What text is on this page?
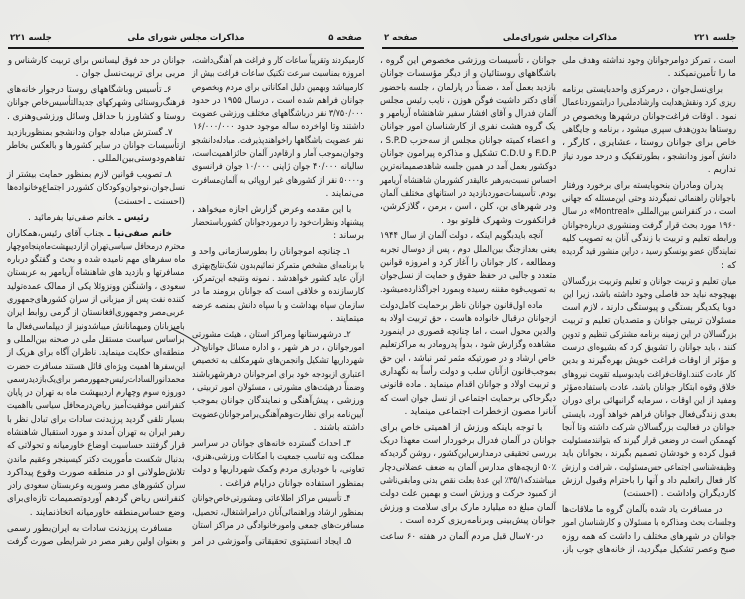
جلسه ۲۲۱	مذاکرات مجلس شورای ملی	صفحه ۵
کارمیکردند وتقریباً ساعات کار و فراغت هم آهنگی‌داشت،
امروزه بمناسبت سرعت تکنیک ساعات فراغت بیش از
کارمیباشد وبهمین دلیل امکاناتی برای مردم وبخصوص
جوانان فراهم شده است ، درسال ۱۹۵۵ در حدود
۳/۷۵۰/۰۰۰ نفر درباشگاههای مختلف ورزشی عضویت
داشتند وتا اواخرده ساله موجود حدود ۱۶/۰۰۰/۰۰۰
نفر عضویت باشگاهها راخواهندپذیرفت. مبادله‌دانشجو
وجوان‌بموجب آمار و ارقام‌در آلمان حائزاهمیت‌است،
سالیانه ۴۰/۰۰۰ جوان ژاپنی ۱۰/۰۰۰ جوان فرانسوی
و۵۰۰۰۰ نفر از کشورهای غیر اروپائی به آلمان‌مسافرت
می‌نمایند .
با این مقدمه وعرض گزارش اجازه میخواهد ،
پیشنهاد ونظرات‌خود را درموردجوانان کشورباستحضار
برساند :
۱ـ چنانچه اموجوانان را بطورسازمانی واحد و
با برنامه‌ای مشخص متمرکز نمائیم‌بدون شک‌نتایج‌بهتری
ازآن عاید کشور خواهدشد . نمونه ونتیجه این‌تمرکز،
کارسازنده و خلاقی است که جوانان برومند ما در
سازمان سپاه بهداشت و با سپاه دانش بمنصه عرضه
میتمایند .
۲ـ درشهرستانها ومراکز استان ، هیئت مشورتی
امورجوانان ، در هر شهر ، و اداره مسائل جوانان در
شهرداریها تشکیل وانجمن‌های شهرمکلف به تخصیص
اعتباری ازبودجه خود برای امرجوانان درهرشهرباشند
وضمناً درهیئت‌های مشورتی ، مسئولان امور تربیتی ،
ورزشی ، پیش‌آهنگی و نمایندگان جوانان بموجب
آیین‌نامه برای نظارت‌وهم‌آهنگی‌برامرجوانان‌عضویت
داشته باشند .
۳ـ احداث گسترده خانه‌های جوانان در سراسر
مملکت وبه تناسب جمعیت با امکانات ورزشی،هنری،
تعاونی، با خودیاری مردم وکمک شهرداریها و دولت
بمنظور استفاده جوانان درایام فراغت .
۴ـ تأسیس مراکز اطلاعاتی ومشورتی‌خاص‌جوانان
بمنظور ارشاد وراهنمائی‌آنان درامراشتغال، تحصیل،
مسافرت‌های جمعی وامورخانوادگی در مراکز استان
۵ـ ایجاد انستیتوی تحقیقاتی وآموزشی در امر
جوانان در حد فوق لیسانس برای تربیت کارشناس و
مربی برای تربیت‌نسل جوان .
۶ـ تأسیس وباشگاههای روستا درجوار خانه‌های
فرهنگ‌روستائی وشهرکهای جدیدالتأسیس‌خاص جوانان
روستا و کشاورز با حداقل وسائل ورزشی‌وهنری .
۷ـ گسترش مبادله جوان ودانشجو بمنظوربازدید
ازتأسیسات جوانان در سایر کشورها و بالعکس بخاطر
تفاهم‌ودوستی‌بین‌المللی .
۸ـ تصویب قوانین لازم بمنظور حمایت بیشتر از
نسل‌جوان،نوجوان‌وکودکان کشوردر اجتماع‌وخانواده‌ها
(احسنت ـ احسنت)
رئیس ـخانم صفی‌نیا بفرمائید .
خانم صفی‌نیا ـجناب آقای رئیس،همکاران
محترم درمحافل سیاسی‌تهران ازاردیبهشت‌ماه‌پنجاه‌وچهار
ماه سفرهای مهم نامیده شده و بحث و گفتگو درباره
مسافرتها و بازدید های شاهنشاه آریامهر به عربستان
سعودی ، واشنگتن وونزوئلا یکی از ممالک عمده‌تولید
کننده نفت پس از میزبانی از سران کشورهای‌جمهوری
عربی‌مصر وجمهوری‌افغانستان از گرمی روابط ایران
بامیزبانان ومیهمانانش میباشدونیز از دیپلماسی‌فعال ما
براساس سیاست مستقل ملی در صحنه بین‌المللی و
منطقه‌ای حکایت مینماید. ناظران آگاه برای هریک از
این‌سفرها اهمیت ویژه‌ای قائل هستند مسافرت حضرت
محمدانورالسادات‌رئیس‌جمهورمصر برای‌یک‌بازدیدرسمی
دوروزه سوم وچهارم اردیبهشت ماه به تهران در پایان
کنفرانس موفقیت‌آمیز ریاض‌درمحافل سیاسی بااهمیت
بسیار تلقی گردید پرزیدنت سادات برای تبادل نظر با
رهبر ایران به تهران آمدند و مورد استقبال شاهنشاه
قرار گرفتند حساسیت اوضاع خاورمیانه و تحولاتی که
بدنبال شکست مأموریت دکتر کیسینجر وعقیم ماندن
تلاش‌طولانی او در منطقه صورت وقوع پیداکرد
سران کشورهای مصر وسوریه وعربستان سعودی رادر
کنفرانس ریاض گردهم آوردوتصمیمات تازه‌ای‌برای
وضع حساس‌منطقه خاورمیانه اتخاذنمایند .
مسافرت پرزیدنت سادات به ایران‌بطور رسمی
و بعنوان اولین رهبر مصر در شرایطی صورت گرفت
صفحه ۲	مذاکرات مجلس شورای‌ملی	جلسه ۲۲۱
است ، تمرکز دوامرجوانان وجود نداشته وهدف ملی
ما را تأمین‌نمیکند .
برای‌نسل‌جوان ، درمرکزی واحدبایستی برنامه
ریزی کرد ونقش‌هدایت وارشادملی‌را درابتموردناعمال
نمود . اوقات فراغت‌جوانان درشهرها وبخصوص در
روستاها بدون‌هدف سپری میشود ، برنامه و جایگاهی
خاص برای جوانان روستا ، عشایری ، کارگر ،
دانش آموز ودانشجو ، بطورتفکیک و درحد مورد نیاز
نداریم .
پدران ومادران بنحوبایسته برای برخورد ورفتار
باجوانان راهنمائی نمیگردند وحتی این‌مسئله که جهانی
است ، در کنفرانس بین‌المللی «Montreal» در سال
۱۹۶۰ مورد بحث قرار گرفت ومنشوری درباره‌جوانان
ورابطه تعلیم و تربیت با زندگی آنان به تصویب کلیه
نمایندگان عضو یونسکو رسید ، دراین منشور قید گردیده
که :
میان تعلیم و تربیت جوانان و تعلیم وتربیت بزرگسالان
بهیچوجه نباید حد فاصلی وجود داشته باشد، زیرا این
دوبا یکدیگر بستگی و پیوستگی دارند ، لازم است
مسئولان تربیتی جوانان و متصدیان تعلیم و تربیت
بزرگسالان در این زمینه برنامه مشترکی تنظیم و تدوین
کنند ، باید جوانان را تشویق کرد که بشیوه‌ای درست
و مؤثر از اوقات فراغت خویش بهره‌گیرند و بدین
کار عادت کنند.اوقات‌فراغت بایدبوسیله تقویت نیروهای
خلاق وقوه ابتکار جوانان باشد، عادت باستفاده‌مؤثر
ومفید از این اوقات ، سرمایه گرانبهائی برای دوران
بعدی زندگی‌فعال جوانان فراهم خواهد آورد، بایستی
جوانان در فعالیت بزرگسالان شرکت داشته وتا آنجا
کهممکن است در وضعی قرار گیرند که بتوانندمسئولیت
قبول کرده و خودشان تصمیم بگیرند ، بجوانان باید
وظیفه‌شناسی اجتماعی حس‌مسئولیت ، شرافت و ارزش
کار فعال راتعلیم داد و آنها را باحترام وقبول ارزش
کاردیگران واداشت . (احسنت)
در مسافرت یاد شده بآلمان گروه ما ملاقات‌ها
وجلسات بحث ومذاکره با مسئولان و کارشناسان امور
جوانان در شهرهای مختلف را داشت که همه روزه
صبح وعصر تشکیل میگردید، از خانه‌های جوب باز،
جوانان ، تأسیسات ورزشی مخصوص این گروه ،
باشگاههای روستائیان و از دیگر مؤسسات جوانان
بازدید بعمل آمد ، ضمناً در پارلمان ، جلسه باحضور
آقای دکتر داشیت فوگن هوزن ، نایب رئیس مجلس
آلمان فدرال و آقای افشار سفیر شاهنشاه آریامهر و
یک گروه هشت نفری از کارشناسان امور جوانان
و اعضاء کمیته جوانان مجلس از سه‌حزب S.P.D ،
F.D.P و C.D.U تشکیل و مذاکره پیرامون جوانان
دوکشور بعمل آمد در همین جلسه شاهدصمیمانه‌ترین
احساس نسبت‌به‌رهبر عالیقدر کشورمان شاهنشاه آریامهر
بودم. تأسیسات‌موردبازدید در استانهای مختلف آلمان
ودر شهرهای بن، کلن ، اسن ، برمن ، گلازکرشن،
فرانکفورت وشهرک فلوتو بود .
آنچه بایدبگویم اینکه ، دولت آلمان از سال ۱۹۴۴
یعنی بعدازجنگ بین‌الملل دوم ، پس از دوسال تجربه
ومطالعه ، کار جوانان را آغاز کرد و امروزه قوانین
متعدد و جالبی در حفظ حقوق و حمایت از نسل‌جوان
به تصویب‌قوه مقننه رسیده وبمورد اجراگذارده‌میشود.
ماده اول‌قانون جوانان ناظر برحمایت کامل‌دولت
ازجوانان درقبال خانواده هاست ، حق تربیت اولاد به
والدین محول است ، اما چنانچه قصوری در اینمورد
مشاهده وگزارش شود ، بدواً پدرومادر به مراکزتعلیم
خاص ارشاد و در صورتیکه مثمر ثمر نباشد ، این حق
بموجب‌قانون ازآنان سلب و دولت رأساً به نگهداری
و تربیت اولاد و جوانان اقدام مینماید . ماده قانونی
دیگرحاکی برحمایت اجتماعی از نسل جوان است که
آنانرا مصون ازخطرات اجتماعی مینماید .
با توجه باینکه ورزش از اهمیتی خاص برای
جوانان در آلمان فدرال برخوردار است معهذا دریک
بررسی تحقیقی درمدارس‌این‌کشور ، روشن گردید‌که
۵۰٪ ازبچه‌های مدارس آلمان به ضعف عضلانی‌دچار
میباشندکه۳۵/۱٪ این عدهٔ بعلت نقص بدنی ومابقی‌ناشی
از کمبود حرکت و ورزش است و بهمین علت دولت
آلمان مبلغ ده میلیارد مارک برای سلامت و ورزش
جوانان پیش‌بینی وبرنامه‌ریزی کرده است .
در۷۰سال قبل مردم آلمان در هفته ۶۰ ساعت
